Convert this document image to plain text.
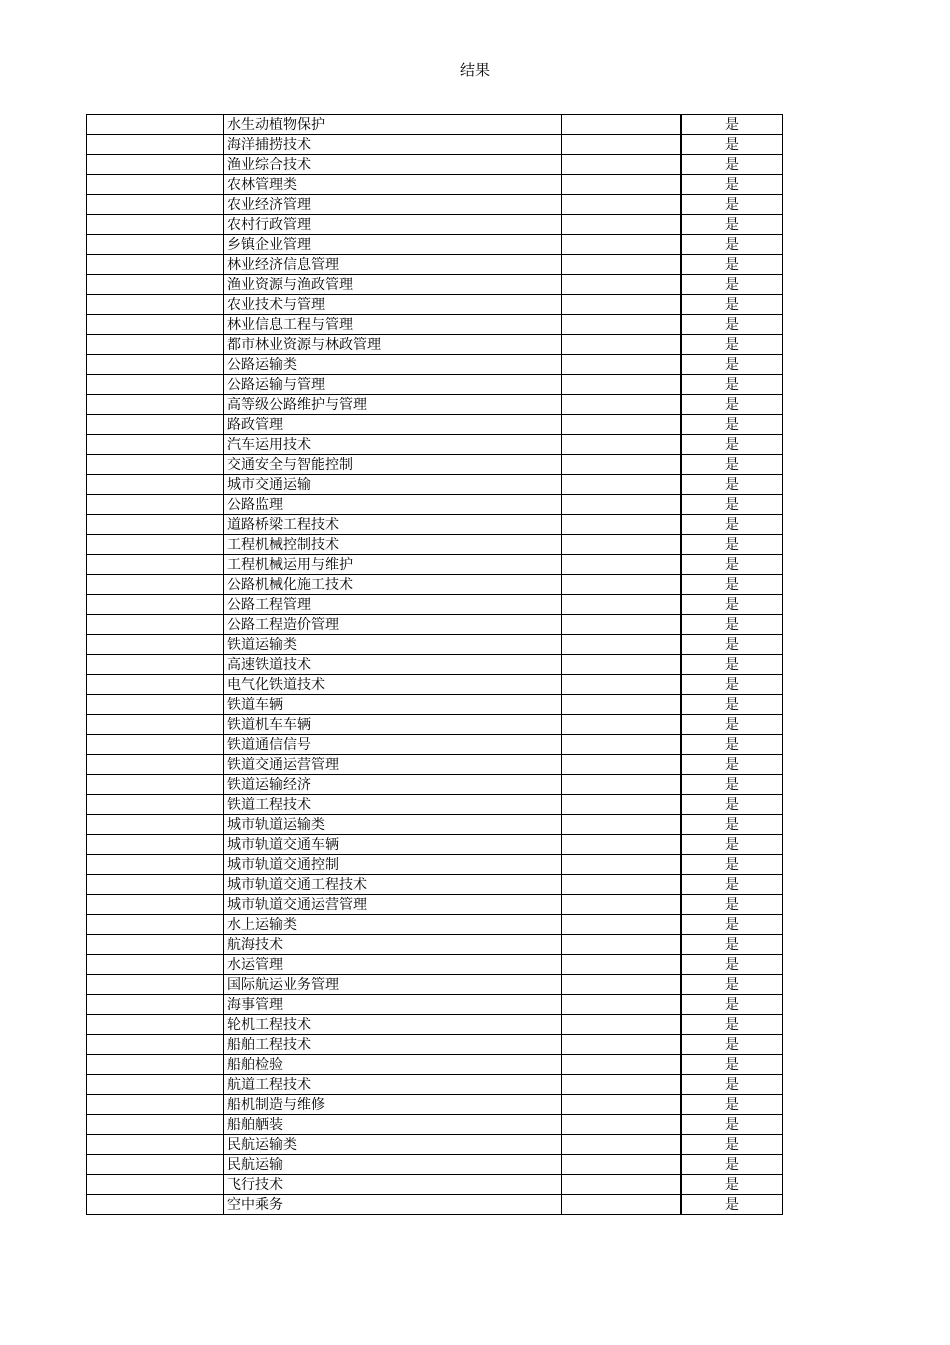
结果
	水生动植物保护		是
	海洋捕捞技术		是
	渔业综合技术		是
	农林管理类		是
	农业经济管理		是
	农村行政管理		是
	乡镇企业管理		是
	林业经济信息管理		是
	渔业资源与渔政管理		是
	农业技术与管理		是
	林业信息工程与管理		是
	都市林业资源与林政管理		是
	公路运输类		是
	公路运输与管理		是
	高等级公路维护与管理		是
	路政管理		是
	汽车运用技术		是
	交通安全与智能控制		是
	城市交通运输		是
	公路监理		是
	道路桥梁工程技术		是
	工程机械控制技术		是
	工程机械运用与维护		是
	公路机械化施工技术		是
	公路工程管理		是
	公路工程造价管理		是
	铁道运输类		是
	高速铁道技术		是
	电气化铁道技术		是
	铁道车辆		是
	铁道机车车辆		是
	铁道通信信号		是
	铁道交通运营管理		是
	铁道运输经济		是
	铁道工程技术		是
	城市轨道运输类		是
	城市轨道交通车辆		是
	城市轨道交通控制		是
	城市轨道交通工程技术		是
	城市轨道交通运营管理		是
	水上运输类		是
	航海技术		是
	水运管理		是
	国际航运业务管理		是
	海事管理		是
	轮机工程技术		是
	船舶工程技术		是
	船舶检验		是
	航道工程技术		是
	船机制造与维修		是
	船舶舾装		是
	民航运输类		是
	民航运输		是
	飞行技术		是
	空中乘务		是
